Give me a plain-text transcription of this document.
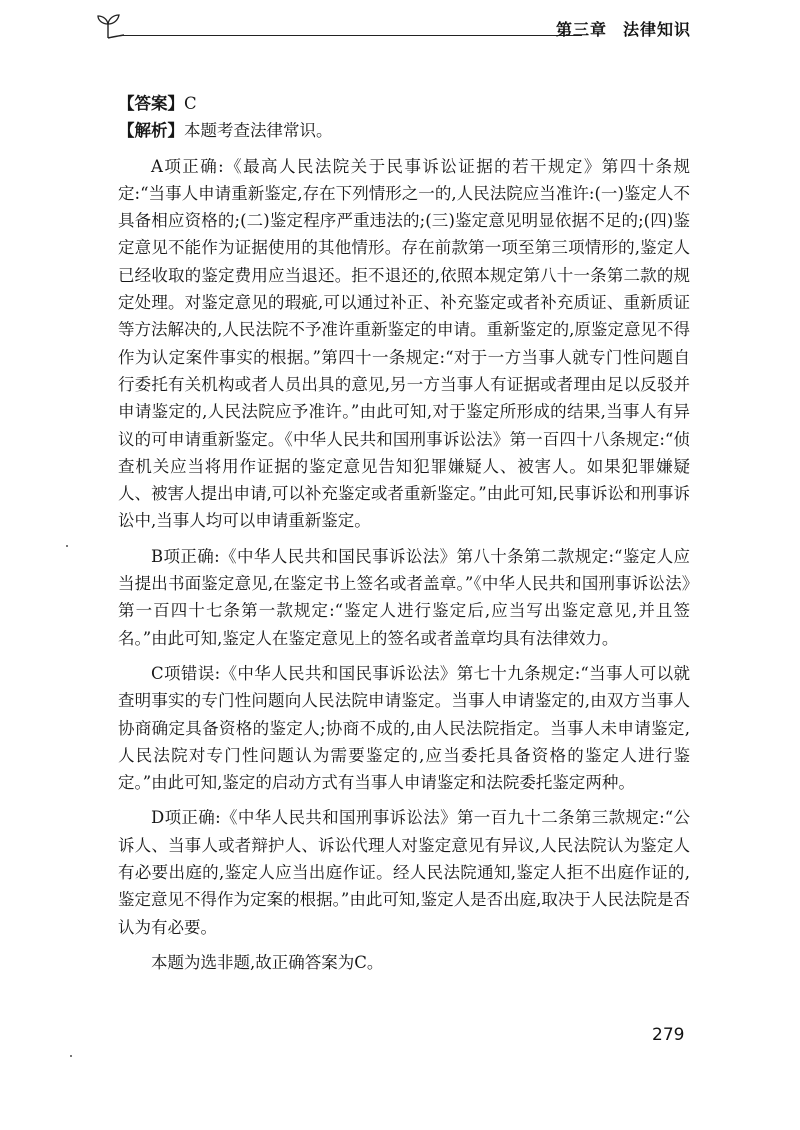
第三章 法律知识

【答案】C

【解析】本题考查法律常识。

A项正确:《最高人民法院关于民事诉讼证据的若干规定》第四十条规定:“当事人申请重新鉴定,存在下列情形之一的,人民法院应当准许:(一)鉴定人不具备相应资格的;(二)鉴定程序严重违法的;(三)鉴定意见明显依据不足的;(四)鉴定意见不能作为证据使用的其他情形。存在前款第一项至第三项情形的,鉴定人已经收取的鉴定费用应当退还。拒不退还的,依照本规定第八十一条第二款的规定处理。对鉴定意见的瑕疵,可以通过补正、补充鉴定或者补充质证、重新质证等方法解决的,人民法院不予准许重新鉴定的申请。重新鉴定的,原鉴定意见不得作为认定案件事实的根据。”第四十一条规定:“对于一方当事人就专门性问题自行委托有关机构或者人员出具的意见,另一方当事人有证据或者理由足以反驳并申请鉴定的,人民法院应予准许。”由此可知,对于鉴定所形成的结果,当事人有异议的可申请重新鉴定。《中华人民共和国刑事诉讼法》第一百四十八条规定:“侦查机关应当将用作证据的鉴定意见告知犯罪嫌疑人、被害人。如果犯罪嫌疑人、被害人提出申请,可以补充鉴定或者重新鉴定。”由此可知,民事诉讼和刑事诉讼中,当事人均可以申请重新鉴定。

B项正确:《中华人民共和国民事诉讼法》第八十条第二款规定:“鉴定人应当提出书面鉴定意见,在鉴定书上签名或者盖章。”《中华人民共和国刑事诉讼法》第一百四十七条第一款规定:“鉴定人进行鉴定后,应当写出鉴定意见,并且签名。”由此可知,鉴定人在鉴定意见上的签名或者盖章均具有法律效力。

C项错误:《中华人民共和国民事诉讼法》第七十九条规定:“当事人可以就查明事实的专门性问题向人民法院申请鉴定。当事人申请鉴定的,由双方当事人协商确定具备资格的鉴定人;协商不成的,由人民法院指定。当事人未申请鉴定,人民法院对专门性问题认为需要鉴定的,应当委托具备资格的鉴定人进行鉴定。”由此可知,鉴定的启动方式有当事人申请鉴定和法院委托鉴定两种。

D项正确:《中华人民共和国刑事诉讼法》第一百九十二条第三款规定:“公诉人、当事人或者辩护人、诉讼代理人对鉴定意见有异议,人民法院认为鉴定人有必要出庭的,鉴定人应当出庭作证。经人民法院通知,鉴定人拒不出庭作证的,鉴定意见不得作为定案的根据。”由此可知,鉴定人是否出庭,取决于人民法院是否认为有必要。

本题为选非题,故正确答案为C。

279
